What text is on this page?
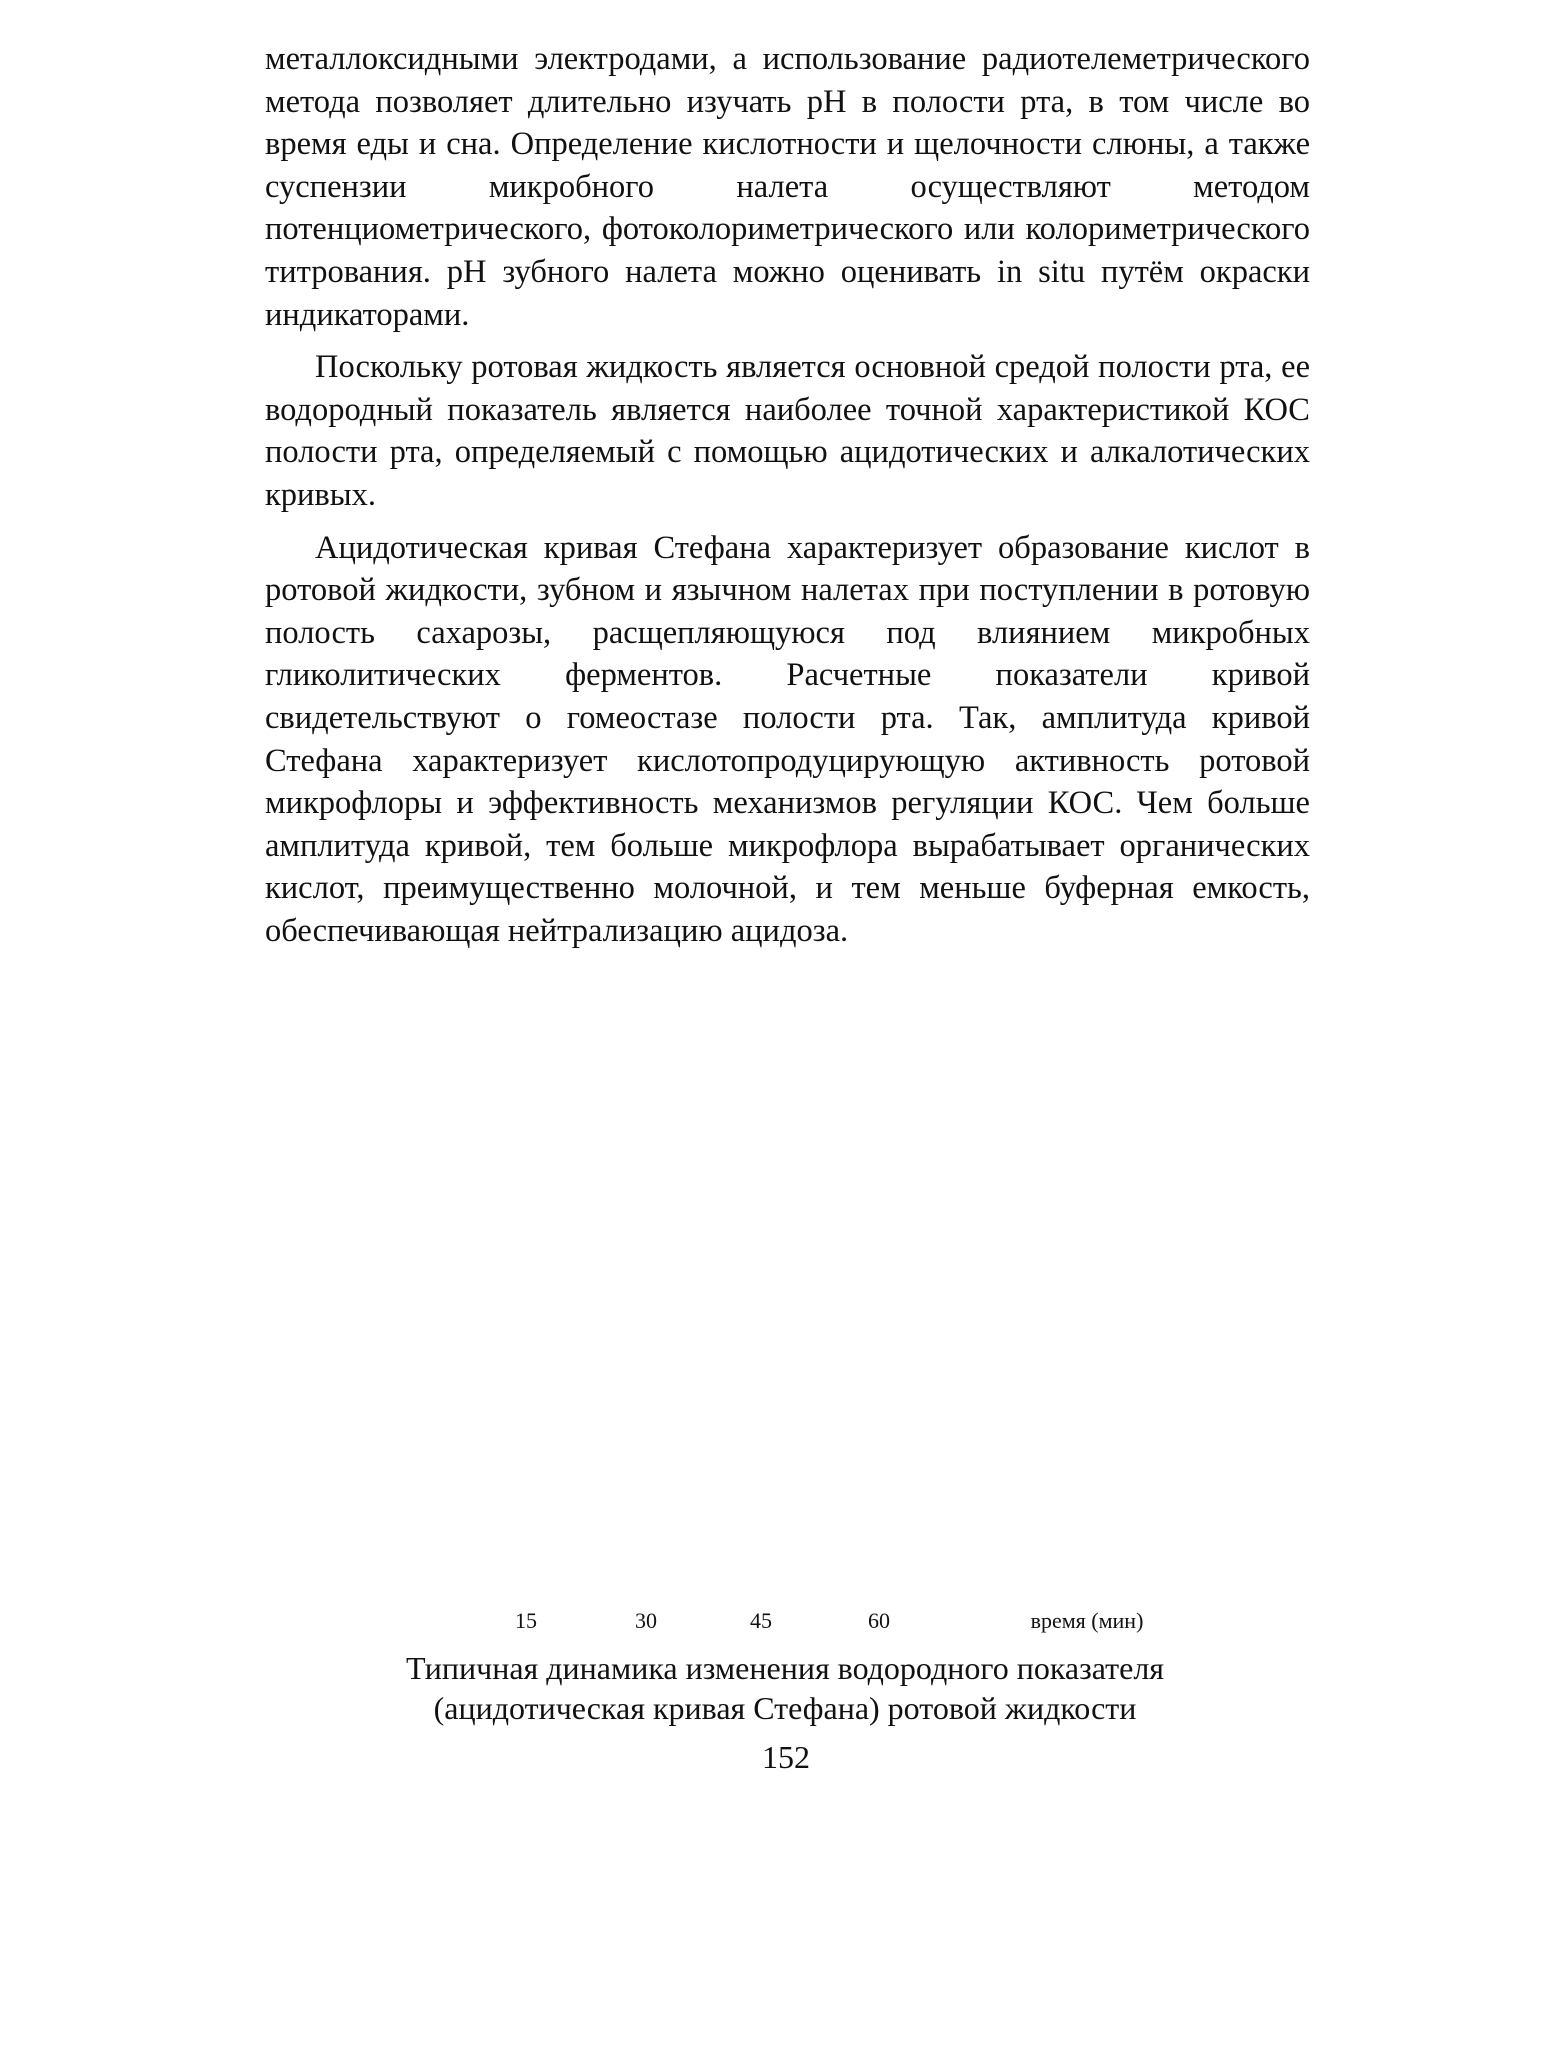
металлоксидными электродами, а использование радиотелеметрического метода позволяет длительно изучать pH в полости рта, в том числе во время еды и сна. Определение кислотности и щелочности слюны, а также суспензии микробного налета осуществляют методом потенциометрического, фотоколориметрического или колориметрического титрования. pH зубного налета можно оценивать in situ путём окраски индикаторами.

Поскольку ротовая жидкость является основной средой полости рта, ее водородный показатель является наиболее точной характеристикой КОС полости рта, определяемый с помощью ацидотических и алкалотических кривых.

Ацидотическая кривая Стефана характеризует образование кислот в ротовой жидкости, зубном и язычном налетах при поступлении в ротовую полость сахарозы, расщепляющуюся под влиянием микробных гликолитических ферментов. Расчетные показатели кривой свидетельствуют о гомеостазе полости рта. Так, амплитуда кривой Стефана характеризует кислотопродуцирующую активность ротовой микрофлоры и эффективность механизмов регуляции КОС. Чем больше амплитуда кривой, тем больше микрофлора вырабатывает органических кислот, преимущественно молочной, и тем меньше буферная емкость, обеспечивающая нейтрализацию ацидоза.

15	30	45	60	время (мин)
Типичная динамика изменения водородного показателя
(ацидотическая кривая Стефана) ротовой жидкости
152
